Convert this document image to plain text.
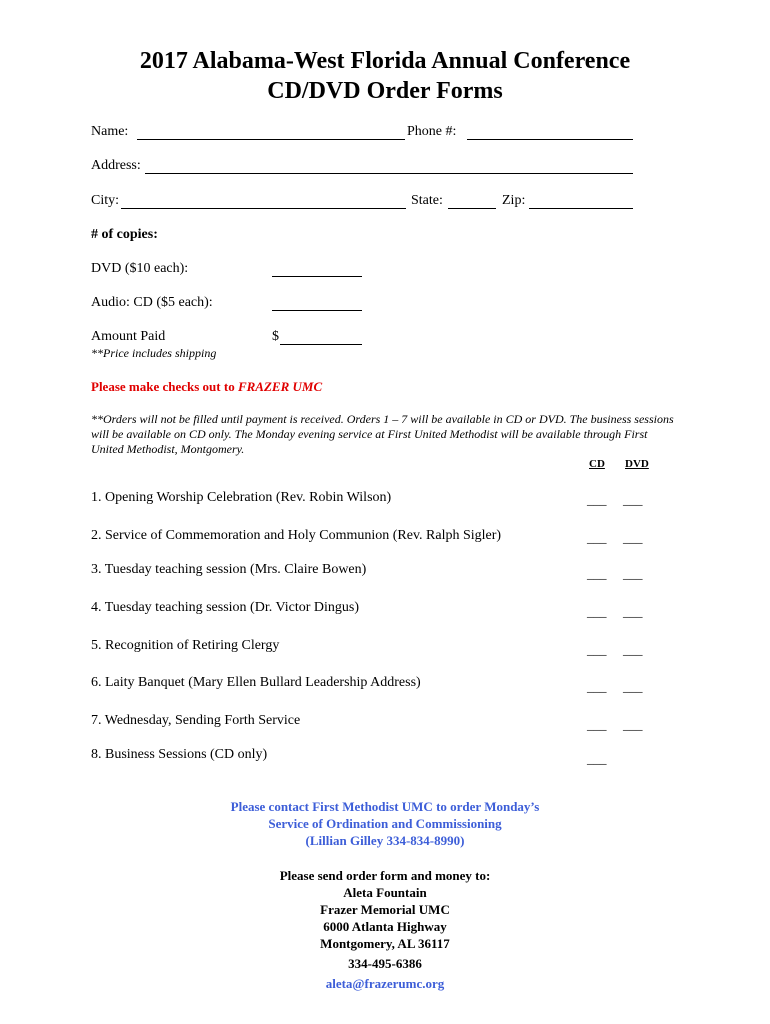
2017 Alabama-West Florida Annual Conference
CD/DVD Order Forms
Name:	Phone #:
Address:
City:	State:	Zip:
# of copies:
DVD ($10 each):
Audio: CD ($5 each):
Amount Paid	$
**Price includes shipping
Please make checks out to FRAZER UMC
**Orders will not be filled until payment is received. Orders 1 – 7 will be available in CD or DVD. The business sessions will be available on CD only. The Monday evening service at First United Methodist will be available through First United Methodist, Montgomery.
CD DVD
1. Opening Worship Celebration (Rev. Robin Wilson)	___ ___
2. Service of Commemoration and Holy Communion (Rev. Ralph Sigler)	___ ___
3. Tuesday teaching session (Mrs. Claire Bowen)	___ ___
4. Tuesday teaching session (Dr. Victor Dingus)	___ ___
5. Recognition of Retiring Clergy	___ ___
6. Laity Banquet (Mary Ellen Bullard Leadership Address)	___ ___
7. Wednesday, Sending Forth Service	___ ___
8. Business Sessions (CD only)	___
Please contact First Methodist UMC to order Monday’s
Service of Ordination and Commissioning
(Lillian Gilley 334-834-8990)
Please send order form and money to:
Aleta Fountain
Frazer Memorial UMC
6000 Atlanta Highway
Montgomery, AL 36117
334-495-6386
aleta@frazerumc.org
